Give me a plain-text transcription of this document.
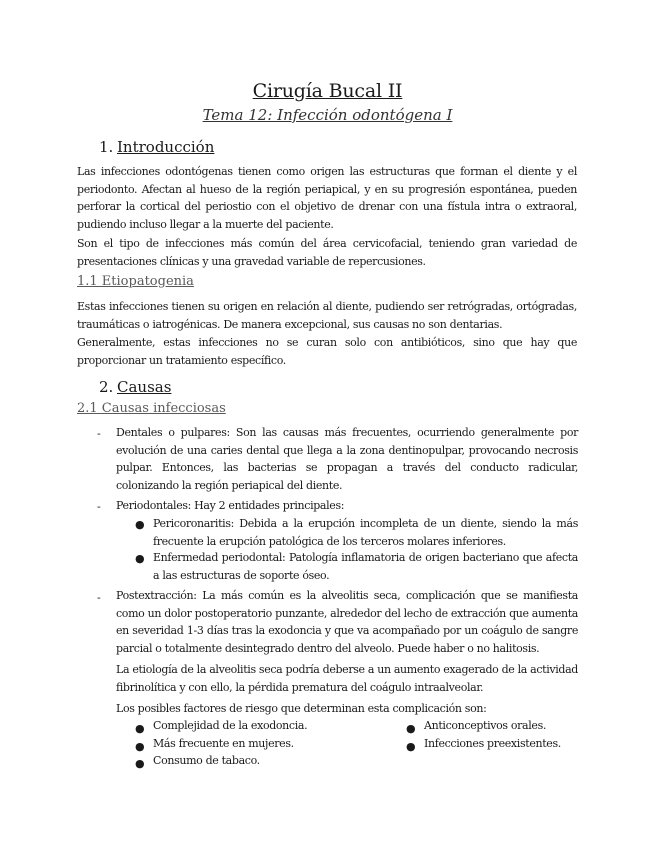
Cirugía Bucal II
Tema 12: Infección odontógena I
1. Introducción
Las infecciones odontógenas tienen como origen las estructuras que forman el diente y el periodonto. Afectan al hueso de la región periapical, y en su progresión espontánea, pueden perforar la cortical del periostio con el objetivo de drenar con una fístula intra o extraoral, pudiendo incluso llegar a la muerte del paciente.
Son el tipo de infecciones más común del área cervicofacial, teniendo gran variedad de presentaciones clínicas y una gravedad variable de repercusiones.
1.1 Etiopatogenia
Estas infecciones tienen su origen en relación al diente, pudiendo ser retrógradas, ortógradas, traumáticas o iatrogénicas. De manera excepcional, sus causas no son dentarias.
Generalmente, estas infecciones no se curan solo con antibióticos, sino que hay que proporcionar un tratamiento específico.
2. Causas
2.1 Causas infecciosas
- Dentales o pulpares: Son las causas más frecuentes, ocurriendo generalmente por evolución de una caries dental que llega a la zona dentinopulpar, provocando necrosis pulpar. Entonces, las bacterias se propagan a través del conducto radicular, colonizando la región periapical del diente.
- Periodontales: Hay 2 entidades principales:
● Pericoronaritis: Debida a la erupción incompleta de un diente, siendo la más frecuente la erupción patológica de los terceros molares inferiores.
● Enfermedad periodontal: Patología inflamatoria de origen bacteriano que afecta a las estructuras de soporte óseo.
- Postextracción: La más común es la alveolitis seca, complicación que se manifiesta como un dolor postoperatorio punzante, alrededor del lecho de extracción que aumenta en severidad 1-3 días tras la exodoncia y que va acompañado por un coágulo de sangre parcial o totalmente desintegrado dentro del alveolo. Puede haber o no halitosis.
La etiología de la alveolitis seca podría deberse a un aumento exagerado de la actividad fibrinolítica y con ello, la pérdida prematura del coágulo intraalveolar.
Los posibles factores de riesgo que determinan esta complicación son:
● Complejidad de la exodoncia.
● Más frecuente en mujeres.
● Consumo de tabaco.
● Anticonceptivos orales.
● Infecciones preexistentes.
